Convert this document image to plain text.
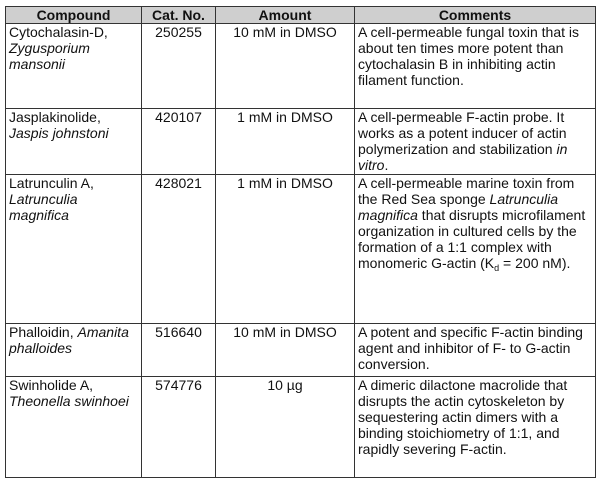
Compound	Cat. No.	Amount	Comments
Cytochalasin-D, Zygusporium mansonii	250255	10 mM in DMSO	A cell-permeable fungal toxin that is about ten times more potent than cytochalasin B in inhibiting actin filament function.
Jasplakinolide, Jaspis johnstoni	420107	1 mM in DMSO	A cell-permeable F-actin probe. It works as a potent inducer of actin polymerization and stabilization in vitro.
Latrunculin A, Latrunculia magnifica	428021	1 mM in DMSO	A cell-permeable marine toxin from the Red Sea sponge Latrunculia magnifica that disrupts microfilament organization in cultured cells by the formation of a 1:1 complex with monomeric G-actin ($K_d = 200$ nM).
Phalloidin, Amanita phalloides	516640	10 mM in DMSO	A potent and specific F-actin binding agent and inhibitor of F- to G-actin conversion.
Swinholide A, Theonella swinhoei	574776	10 µg	A dimeric dilactone macrolide that disrupts the actin cytoskeleton by sequestering actin dimers with a binding stoichiometry of 1:1, and rapidly severing F-actin.
